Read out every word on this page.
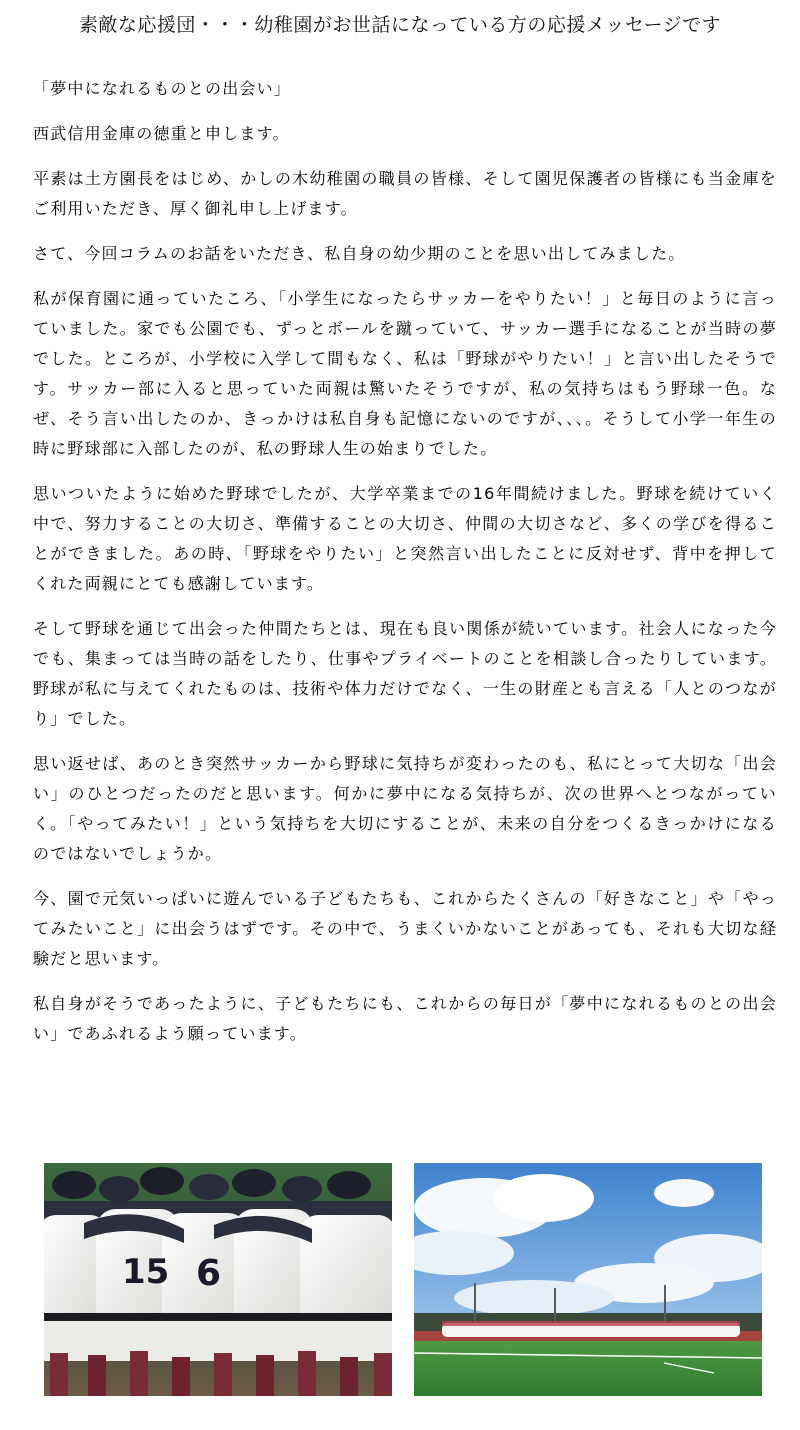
素敵な応援団・・・幼稚園がお世話になっている方の応援メッセージです

「夢中になれるものとの出会い」

西武信用金庫の徳重と申します。

平素は土方園長をはじめ、かしの木幼稚園の職員の皆様、そして園児保護者の皆様にも当金庫をご利用いただき、厚く御礼申し上げます。

さて、今回コラムのお話をいただき、私自身の幼少期のことを思い出してみました。

私が保育園に通っていたころ、「小学生になったらサッカーをやりたい！」と毎日のように言っていました。家でも公園でも、ずっとボールを蹴っていて、サッカー選手になることが当時の夢でした。ところが、小学校に入学して間もなく、私は「野球がやりたい！」と言い出したそうです。サッカー部に入ると思っていた両親は驚いたそうですが、私の気持ちはもう野球一色。なぜ、そう言い出したのか、きっかけは私自身も記憶にないのですが、、、。そうして小学一年生の時に野球部に入部したのが、私の野球人生の始まりでした。

思いついたように始めた野球でしたが、大学卒業までの16年間続けました。野球を続けていく中で、努力することの大切さ、準備することの大切さ、仲間の大切さなど、多くの学びを得ることができました。あの時、「野球をやりたい」と突然言い出したことに反対せず、背中を押してくれた両親にとても感謝しています。

そして野球を通じて出会った仲間たちとは、現在も良い関係が続いています。社会人になった今でも、集まっては当時の話をしたり、仕事やプライベートのことを相談し合ったりしています。野球が私に与えてくれたものは、技術や体力だけでなく、一生の財産とも言える「人とのつながり」でした。

思い返せば、あのとき突然サッカーから野球に気持ちが変わったのも、私にとって大切な「出会い」のひとつだったのだと思います。何かに夢中になる気持ちが、次の世界へとつながっていく。「やってみたい！」という気持ちを大切にすることが、未来の自分をつくるきっかけになるのではないでしょうか。

今、園で元気いっぱいに遊んでいる子どもたちも、これからたくさんの「好きなこと」や「やってみたいこと」に出会うはずです。その中で、うまくいかないことがあっても、それも大切な経験だと思います。

私自身がそうであったように、子どもたちにも、これからの毎日が「夢中になれるものとの出会い」であふれるよう願っています。

15 6
